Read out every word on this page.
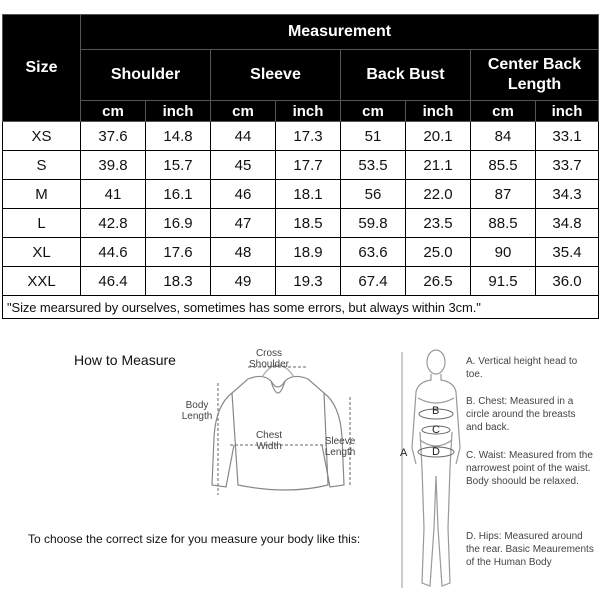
Size	Measurement							
	Shoulder		Sleeve		Back Bust		Center Back Length	
	cm	inch	cm	inch	cm	inch	cm	inch
XS	37.6	14.8	44	17.3	51	20.1	84	33.1
S	39.8	15.7	45	17.7	53.5	21.1	85.5	33.7
M	41	16.1	46	18.1	56	22.0	87	34.3
L	42.8	16.9	47	18.5	59.8	23.5	88.5	34.8
XL	44.6	17.6	48	18.9	63.6	25.0	90	35.4
XXL	46.4	18.3	49	19.3	67.4	26.5	91.5	36.0
"Size mearsured by ourselves, sometimes has some errors, but always within 3cm."								
How to Measure	Cross Shoulder
Body Length
Chest Width	Sleeve Length
To choose the correct size for you measure your body like this:
A
B
C
D
A. Vertical height head to toe.
B. Chest: Measured in a circle around the breasts and back.
C. Waist: Measured from the narrowest point of the waist. Body shoould be relaxed.
D. Hips: Measured around the rear. Basic Meaurements of the Human Body
